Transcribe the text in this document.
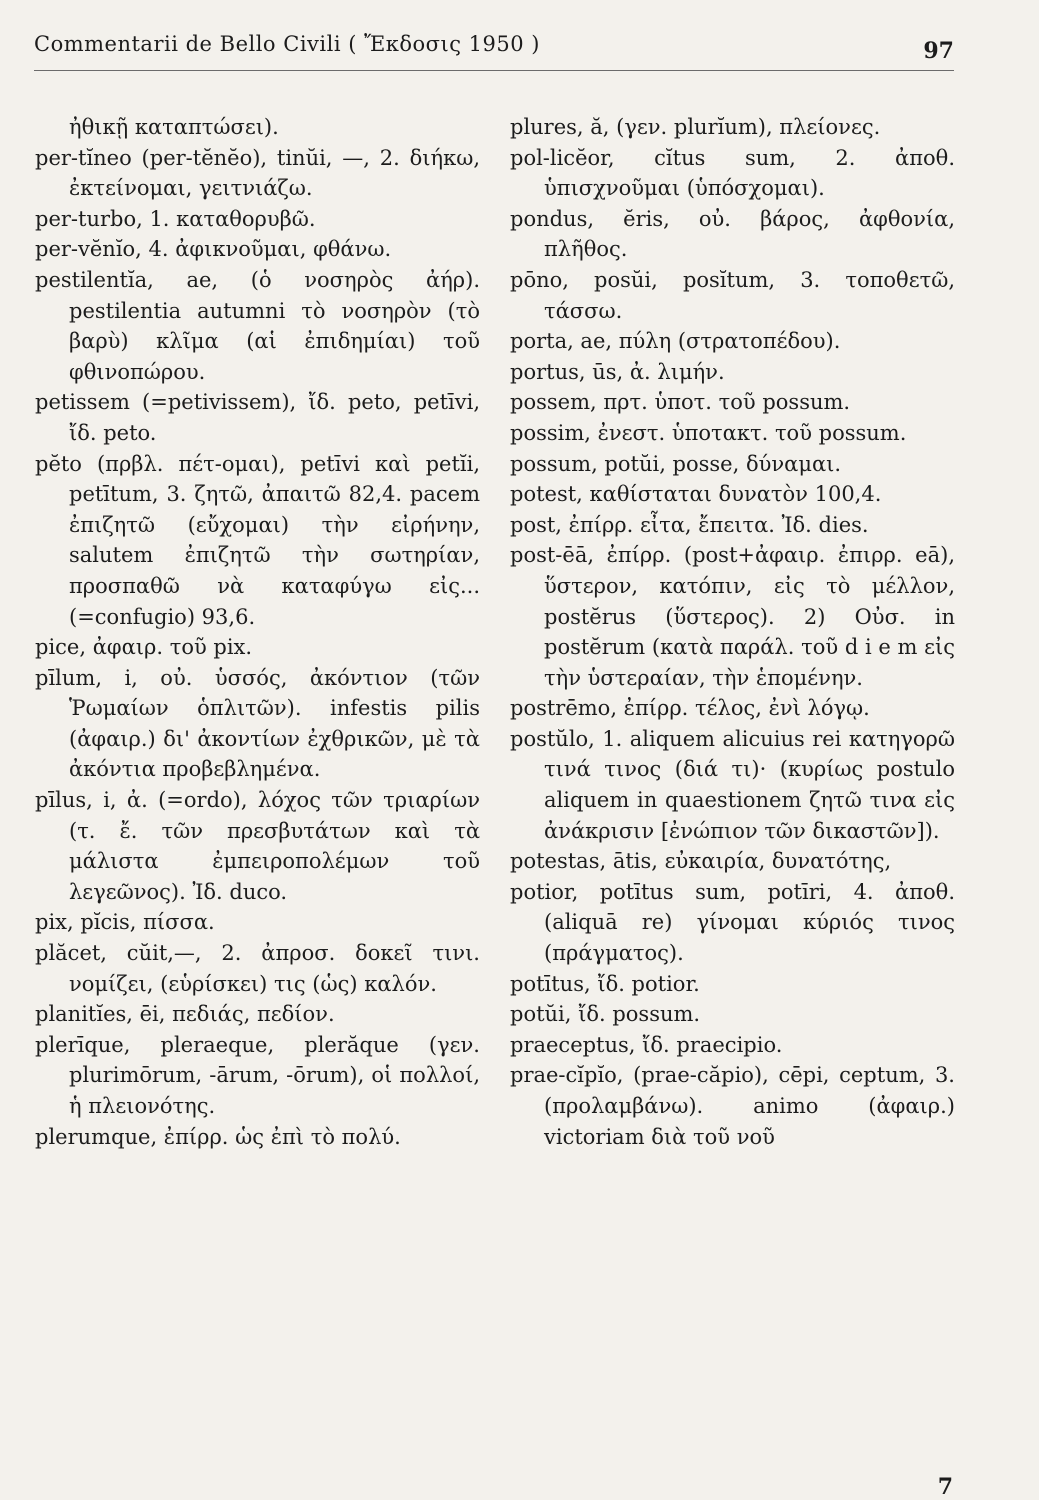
Commentarii de Bello Civili ( Ἔκδοσις 1950 )	97

ἠθικῇ καταπτώσει).

per-tĭneo (per-tĕnĕo), tinŭi, —, 2. διήκω, ἐκτείνομαι, γειτνιάζω.

per-turbo, 1. καταθορυβῶ.

per-vĕnĭo, 4. ἀφικνοῦμαι, φθάνω.

pestilentĭa, ae, (ὁ νοσηρὸς ἀήρ). pestilentia autumni τὸ νοσηρὸν (τὸ βαρὺ) κλῖμα (αἱ ἐπιδημίαι) τοῦ φθινοπώρου.

petissem (=petivissem), ἴδ. peto, petīvi, ἴδ. peto.

pĕto (πρβλ. πέτ-ομαι), petīvi καὶ petĭi, petītum, 3. ζητῶ, ἀπαιτῶ 82,4. pacem ἐπιζητῶ (εὔχομαι) τὴν εἰρήνην, salutem ἐπιζητῶ τὴν σωτηρίαν, προσπαθῶ νὰ καταφύγω εἰς... (=confugio) 93,6.

pice, ἀφαιρ. τοῦ pix.

pīlum, i, οὐ. ὑσσός, ἀκόντιον (τῶν Ῥωμαίων ὁπλιτῶν). infestis pilis (ἀφαιρ.) δι' ἀκοντίων ἐχθρικῶν, μὲ τὰ ἀκόντια προβεβλημένα.

pīlus, i, ἀ. (=ordo), λόχος τῶν τριαρίων (τ. ἔ. τῶν πρεσβυτάτων καὶ τὰ μάλιστα ἐμπειροπολέμων τοῦ λεγεῶνος). Ἰδ. duco.

pix, pĭcis, πίσσα.

plăcet, cŭit,—, 2. ἀπροσ. δοκεῖ τινι. νομίζει, (εὑρίσκει) τις (ὡς) καλόν.

planitĭes, ēi, πεδιάς, πεδίον.

plerīque, pleraeque, plerăque (γεν. plurimōrum, -ārum, -ōrum), οἱ πολλοί, ἡ πλειονότης.

plerumque, ἐπίρρ. ὡς ἐπὶ τὸ πολύ.

plures, ă, (γεν. plurĭum), πλείονες.

pol-licĕor, cĭtus sum, 2. ἀποθ. ὑπισχνοῦμαι (ὑπόσχομαι).

pondus, ĕris, οὐ. βάρος, ἀφθονία, πλῆθος.

pōno, posŭi, posĭtum, 3. τοποθετῶ, τάσσω.

porta, ae, πύλη (στρατοπέδου).

portus, ūs, ἀ. λιμήν.

possem, πρτ. ὑποτ. τοῦ possum.

possim, ἐνεστ. ὑποτακτ. τοῦ possum.

possum, potŭi, posse, δύναμαι.

potest, καθίσταται δυνατὸν 100,4.

post, ἐπίρρ. εἶτα, ἔπειτα. Ἰδ. dies.

post-ēā, ἐπίρρ. (post+ἀφαιρ. ἐπιρρ. eā), ὕστερον, κατόπιν, εἰς τὸ μέλλον, postĕrus (ὕστερος). 2) Οὐσ. in postĕrum (κατὰ παράλ. τοῦ d i e m εἰς τὴν ὑστεραίαν, τὴν ἑπομένην.

postrēmo, ἐπίρρ. τέλος, ἐνὶ λόγῳ.

postŭlo, 1. aliquem alicuius rei κατηγορῶ τινά τινος (διά τι)· (κυρίως postulo aliquem in quaestionem ζητῶ τινα εἰς ἀνάκρισιν [ἐνώπιον τῶν δικαστῶν]).

potestas, ātis, εὐκαιρία, δυνατότης,

potior, potītus sum, potīri, 4. ἀποθ. (aliquā re) γίνομαι κύριός τινος (πράγματος).

potītus, ἴδ. potior.

potŭi, ἴδ. possum.

praeceptus, ἴδ. praecipio.

prae-cĭpĭo, (prae-căpio), cēpi, ceptum, 3. (προλαμβάνω). animo (ἀφαιρ.) victoriam διὰ τοῦ νοῦ

7
